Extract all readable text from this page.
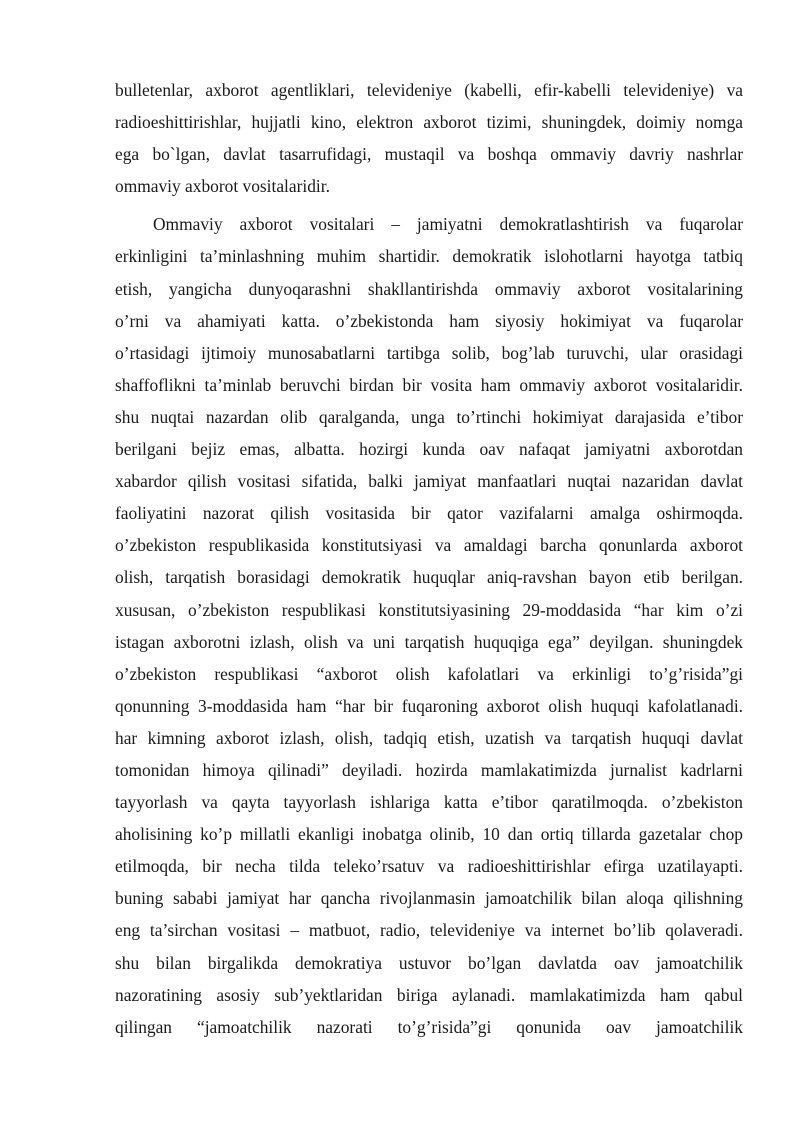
bulletenlar, axborot agentliklari, televideniye (kabelli, efir-kabelli televideniye) va
radioeshittirishlar, hujjatli kino, elektron axborot tizimi, shuningdek, doimiy nomga
ega bo`lgan, davlat tasarrufidagi, mustaqil va boshqa ommaviy davriy nashrlar
ommaviy axborot vositalaridir.
Ommaviy axborot vositalari – jamiyatni demokratlashtirish va fuqarolar
erkinligini ta’minlashning muhim shartidir. demokratik islohotlarni hayotga tatbiq
etish, yangicha dunyoqarashni shakllantirishda ommaviy axborot vositalarining
o’rni va ahamiyati katta. o’zbekistonda ham siyosiy hokimiyat va fuqarolar
o’rtasidagi ijtimoiy munosabatlarni tartibga solib, bog’lab turuvchi, ular orasidagi
shaffoflikni ta’minlab beruvchi birdan bir vosita ham ommaviy axborot vositalaridir.
shu nuqtai nazardan olib qaralganda, unga to’rtinchi hokimiyat darajasida e’tibor
berilgani bejiz emas, albatta. hozirgi kunda oav nafaqat jamiyatni axborotdan
xabardor qilish vositasi sifatida, balki jamiyat manfaatlari nuqtai nazaridan davlat
faoliyatini nazorat qilish vositasida bir qator vazifalarni amalga oshirmoqda.
o’zbekiston respublikasida konstitutsiyasi va amaldagi barcha qonunlarda axborot
olish, tarqatish borasidagi demokratik huquqlar aniq-ravshan bayon etib berilgan.
xususan, o’zbekiston respublikasi konstitutsiyasining 29-moddasida “har kim o’zi
istagan axborotni izlash, olish va uni tarqatish huquqiga ega” deyilgan. shuningdek
o’zbekiston respublikasi “axborot olish kafolatlari va erkinligi to’g’risida”gi
qonunning 3-moddasida ham “har bir fuqaroning axborot olish huquqi kafolatlanadi.
har kimning axborot izlash, olish, tadqiq etish, uzatish va tarqatish huquqi davlat
tomonidan himoya qilinadi” deyiladi. hozirda mamlakatimizda jurnalist kadrlarni
tayyorlash va qayta tayyorlash ishlariga katta e’tibor qaratilmoqda. o’zbekiston
aholisining ko’p millatli ekanligi inobatga olinib, 10 dan ortiq tillarda gazetalar chop
etilmoqda, bir necha tilda teleko’rsatuv va radioeshittirishlar efirga uzatilayapti.
buning sababi jamiyat har qancha rivojlanmasin jamoatchilik bilan aloqa qilishning
eng ta’sirchan vositasi – matbuot, radio, televideniye va internet bo’lib qolaveradi.
shu bilan birgalikda demokratiya ustuvor bo’lgan davlatda oav jamoatchilik
nazoratining asosiy sub’yektlaridan biriga aylanadi. mamlakatimizda ham qabul
qilingan “jamoatchilik nazorati to’g’risida”gi qonunida oav jamoatchilik
